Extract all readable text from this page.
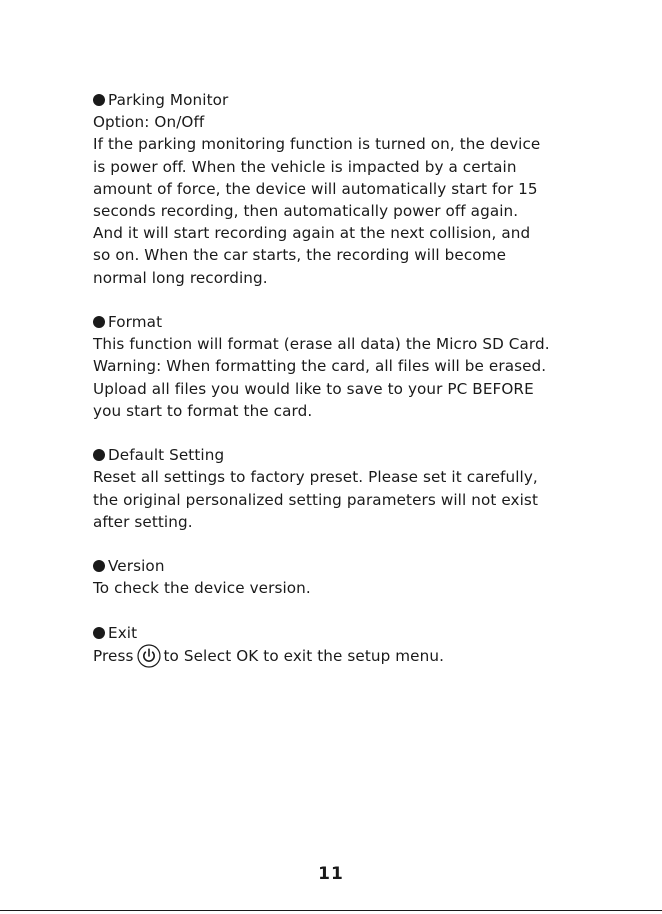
Parking Monitor
Option: On/Off
If the parking monitoring function is turned on, the device
is power off. When the vehicle is impacted by a certain
amount of force, the device will automatically start for 15
seconds recording, then automatically power off again.
And it will start recording again at the next collision, and
so on. When the car starts, the recording will become
normal long recording.
Format
This function will format (erase all data) the Micro SD Card.
Warning: When formatting the card, all files will be erased.
Upload all files you would like to save to your PC BEFORE
you start to format the card.
Default Setting
Reset all settings to factory preset. Please set it carefully,
the original personalized setting parameters will not exist
after setting.
Version
To check the device version.
Exit
Press to Select OK to exit the setup menu.
11
